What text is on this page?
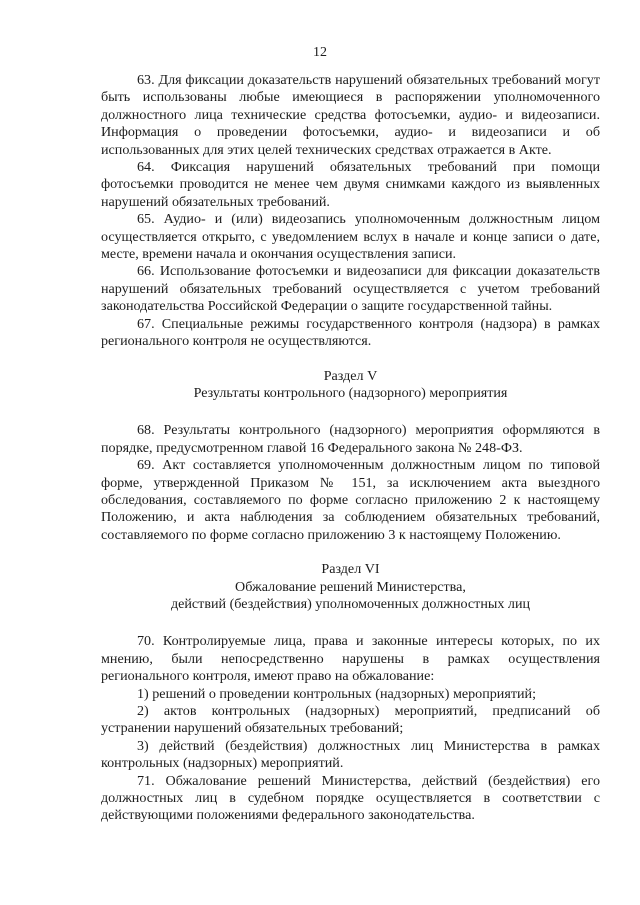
12

63. Для фиксации доказательств нарушений обязательных требований могут быть использованы любые имеющиеся в распоряжении уполномоченного должностного лица технические средства фотосъемки, аудио- и видеозаписи. Информация о проведении фотосъемки, аудио- и видеозаписи и об использованных для этих целей технических средствах отражается в Акте.

64. Фиксация нарушений обязательных требований при помощи фотосъемки проводится не менее чем двумя снимками каждого из выявленных нарушений обязательных требований.

65. Аудио- и (или) видеозапись уполномоченным должностным лицом осуществляется открыто, с уведомлением вслух в начале и конце записи о дате, месте, времени начала и окончания осуществления записи.

66. Использование фотосъемки и видеозаписи для фиксации доказательств нарушений обязательных требований осуществляется с учетом требований законодательства Российской Федерации о защите государственной тайны.

67. Специальные режимы государственного контроля (надзора) в рамках регионального контроля не осуществляются.

Раздел V

Результаты контрольного (надзорного) мероприятия

68. Результаты контрольного (надзорного) мероприятия оформляются в порядке, предусмотренном главой 16 Федерального закона № 248-ФЗ.

69. Акт составляется уполномоченным должностным лицом по типовой форме, утвержденной Приказом № 151, за исключением акта выездного обследования, составляемого по форме согласно приложению 2 к настоящему Положению, и акта наблюдения за соблюдением обязательных требований, составляемого по форме согласно приложению 3 к настоящему Положению.

Раздел VI

Обжалование решений Министерства,

действий (бездействия) уполномоченных должностных лиц

70. Контролируемые лица, права и законные интересы которых, по их мнению, были непосредственно нарушены в рамках осуществления регионального контроля, имеют право на обжалование:

1) решений о проведении контрольных (надзорных) мероприятий;

2) актов контрольных (надзорных) мероприятий, предписаний об устранении нарушений обязательных требований;

3) действий (бездействия) должностных лиц Министерства в рамках контрольных (надзорных) мероприятий.

71. Обжалование решений Министерства, действий (бездействия) его должностных лиц в судебном порядке осуществляется в соответствии с действующими положениями федерального законодательства.
